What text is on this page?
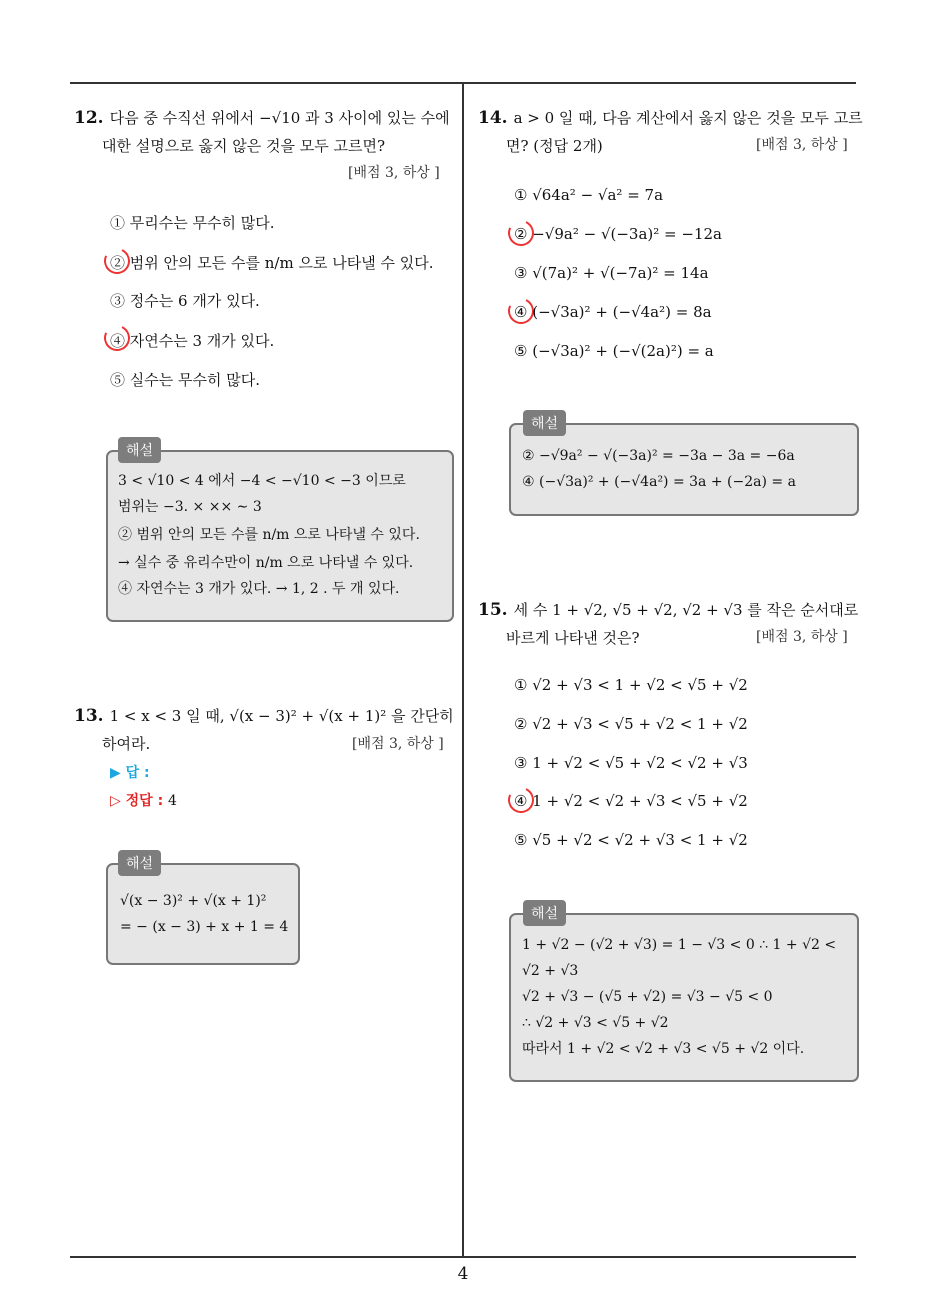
12. 다음 중 수직선 위에서 −√10 과 3 사이에 있는 수에
대한 설명으로 옳지 않은 것을 모두 고르면?
[배점 3, 하상 ]
① 무리수는 무수히 많다.
② 범위 안의 모든 수를 n/m 으로 나타낼 수 있다.
③ 정수는 6 개가 있다.
④ 자연수는 3 개가 있다.
⑤ 실수는 무수히 많다.
해설
3 < √10 < 4 에서 −4 < −√10 < −3 이므로
범위는 −3. × ×× ∼ 3
② 범위 안의 모든 수를 n/m 으로 나타낼 수 있다.
→ 실수 중 유리수만이 n/m 으로 나타낼 수 있다.
④ 자연수는 3 개가 있다. → 1, 2 . 두 개 있다.
13. 1 < x < 3 일 때, √(x − 3)² + √(x + 1)² 을 간단히
하여라.	[배점 3, 하상 ]
▶ 답 :
▷ 정답 : 4
해설
√(x − 3)² + √(x + 1)²
= − (x − 3) + x + 1 = 4
14. a > 0 일 때, 다음 계산에서 옳지 않은 것을 모두 고르
면? (정답 2개)	[배점 3, 하상 ]
① √64a² − √a² = 7a
② −√9a² − √(−3a)² = −12a
③ √(7a)² + √(−7a)² = 14a
④ (−√3a)² + (−√4a²) = 8a
⑤ (−√3a)² + (−√(2a)²) = a
해설
② −√9a² − √(−3a)² = −3a − 3a = −6a
④ (−√3a)² + (−√4a²) = 3a + (−2a) = a
15. 세 수 1 + √2, √5 + √2, √2 + √3 를 작은 순서대로
바르게 나타낸 것은?	[배점 3, 하상 ]
① √2 + √3 < 1 + √2 < √5 + √2
② √2 + √3 < √5 + √2 < 1 + √2
③ 1 + √2 < √5 + √2 < √2 + √3
④ 1 + √2 < √2 + √3 < √5 + √2
⑤ √5 + √2 < √2 + √3 < 1 + √2
해설
1 + √2 − (√2 + √3) = 1 − √3 < 0 ∴ 1 + √2 <
√2 + √3
√2 + √3 − (√5 + √2) = √3 − √5 < 0
∴ √2 + √3 < √5 + √2
따라서 1 + √2 < √2 + √3 < √5 + √2 이다.
4
